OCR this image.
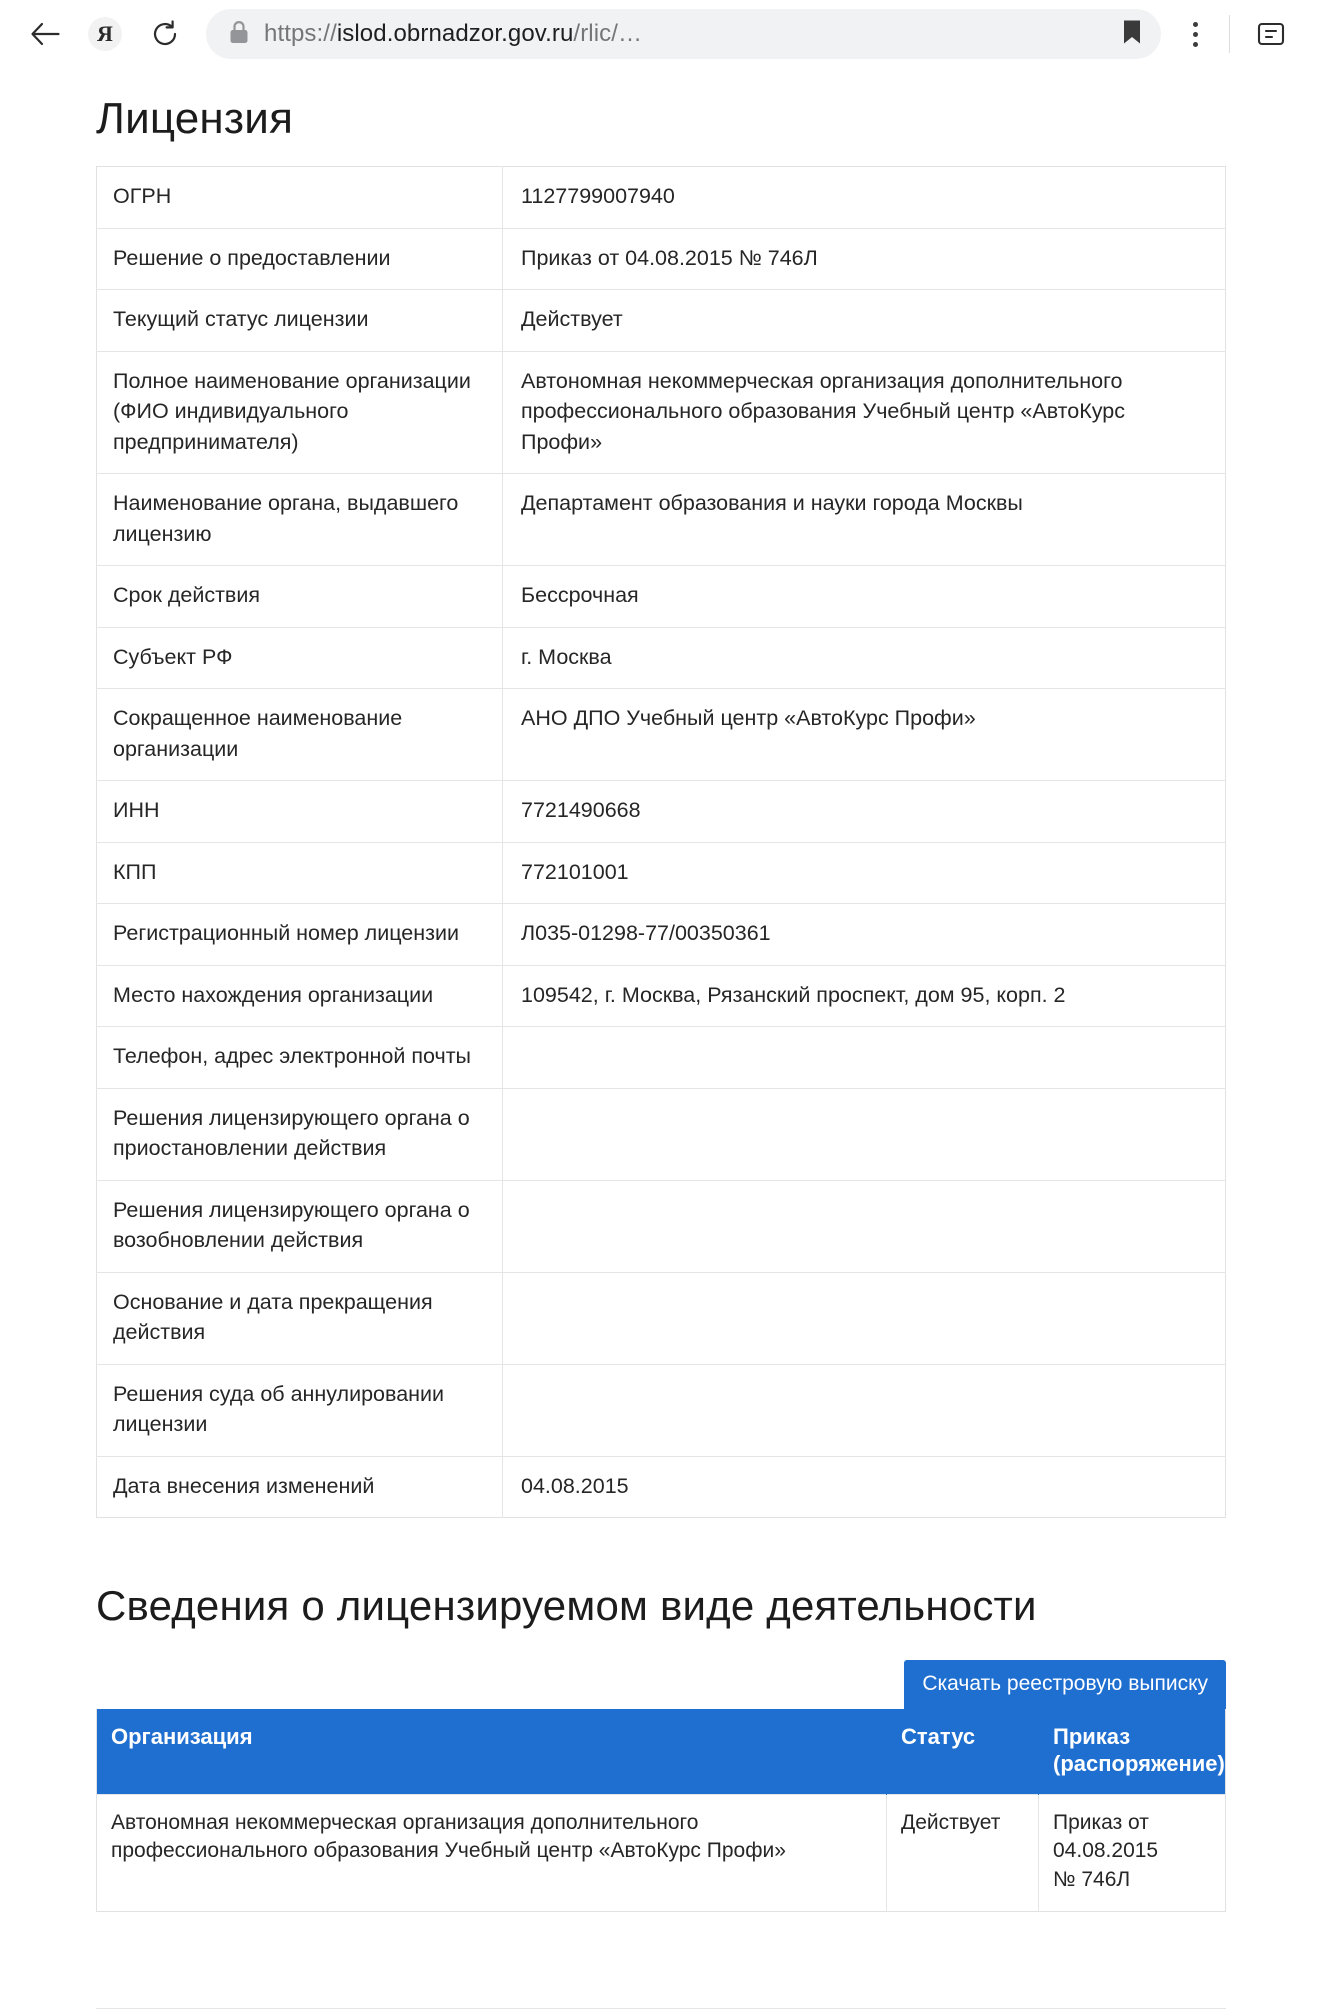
Я	https://islod.obrnadzor.gov.ru/rlic/…
Лицензия
ОГРН	1127799007940
Решение о предоставлении	Приказ от 04.08.2015 № 746Л
Текущий статус лицензии	Действует
Полное наименование организации (ФИО индивидуального предпринимателя)	Автономная некоммерческая организация дополнительного профессионального образования Учебный центр «АвтоКурс Профи»
Наименование органа, выдавшего лицензию	Департамент образования и науки города Москвы
Срок действия	Бессрочная
Субъект РФ	г. Москва
Сокращенное наименование организации	АНО ДПО Учебный центр «АвтоКурс Профи»
ИНН	7721490668
КПП	772101001
Регистрационный номер лицензии	Л035-01298-77/00350361
Место нахождения организации	109542, г. Москва, Рязанский проспект, дом 95, корп. 2
Телефон, адрес электронной почты	
Решения лицензирующего органа о приостановлении действия	
Решения лицензирующего органа о возобновлении действия	
Основание и дата прекращения действия	
Решения суда об аннулировании лицензии	
Дата внесения изменений	04.08.2015
Сведения о лицензируемом виде деятельности
Скачать реестровую выписку
Организация	Статус	Приказ
(распоряжение)
Автономная некоммерческая организация дополнительного профессионального образования Учебный центр «АвтоКурс Профи»	Действует	Приказ от 04.08.2015
№ 746Л
